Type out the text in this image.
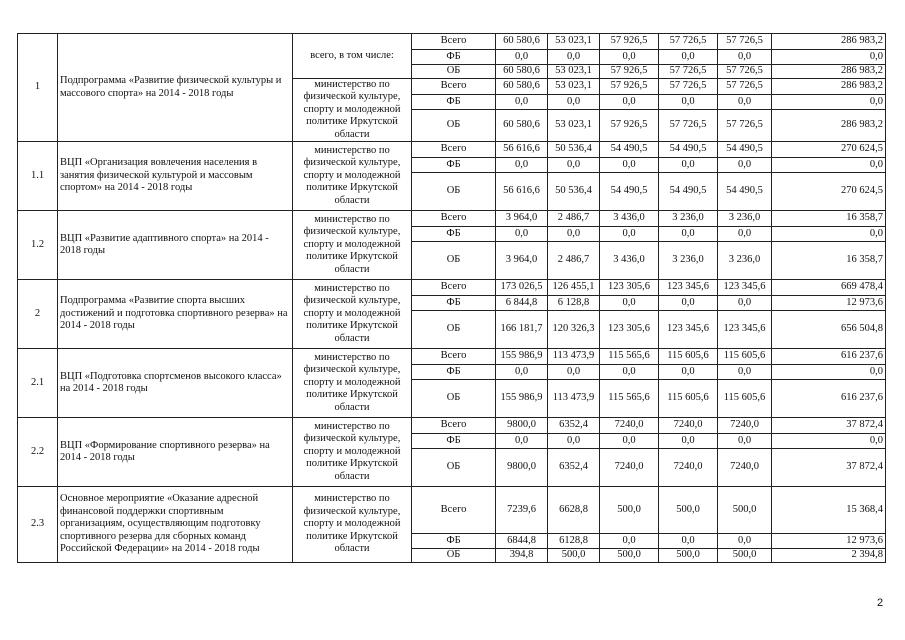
1	Подпрограмма «Развитие физической культуры и массового спорта» на 2014 - 2018 годы	всего, в том числе:	Всего	60 580,6	53 023,1	57 926,5	57 726,5	57 726,5	286 983,2
			ФБ	0,0	0,0	0,0	0,0	0,0	0,0
			ОБ	60 580,6	53 023,1	57 926,5	57 726,5	57 726,5	286 983,2
		министерство по физической культуре, спорту и молодежной политике Иркутской области	Всего	60 580,6	53 023,1	57 926,5	57 726,5	57 726,5	286 983,2
			ФБ	0,0	0,0	0,0	0,0	0,0	0,0
			ОБ	60 580,6	53 023,1	57 926,5	57 726,5	57 726,5	286 983,2
1.1	ВЦП «Организация вовлечения населения в занятия физической культурой и массовым спортом» на 2014 - 2018 годы	министерство по физической культуре, спорту и молодежной политике Иркутской области	Всего	56 616,6	50 536,4	54 490,5	54 490,5	54 490,5	270 624,5
			ФБ	0,0	0,0	0,0	0,0	0,0	0,0
			ОБ	56 616,6	50 536,4	54 490,5	54 490,5	54 490,5	270 624,5
1.2	ВЦП «Развитие адаптивного спорта» на 2014 - 2018 годы	министерство по физической культуре, спорту и молодежной политике Иркутской области	Всего	3 964,0	2 486,7	3 436,0	3 236,0	3 236,0	16 358,7
			ФБ	0,0	0,0	0,0	0,0	0,0	0,0
			ОБ	3 964,0	2 486,7	3 436,0	3 236,0	3 236,0	16 358,7
2	Подпрограмма «Развитие спорта высших достижений и подготовка спортивного резерва» на 2014 - 2018 годы	министерство по физической культуре, спорту и молодежной политике Иркутской области	Всего	173 026,5	126 455,1	123 305,6	123 345,6	123 345,6	669 478,4
			ФБ	6 844,8	6 128,8	0,0	0,0	0,0	12 973,6
			ОБ	166 181,7	120 326,3	123 305,6	123 345,6	123 345,6	656 504,8
2.1	ВЦП «Подготовка спортсменов высокого класса» на 2014 - 2018 годы	министерство по физической культуре, спорту и молодежной политике Иркутской области	Всего	155 986,9	113 473,9	115 565,6	115 605,6	115 605,6	616 237,6
			ФБ	0,0	0,0	0,0	0,0	0,0	0,0
			ОБ	155 986,9	113 473,9	115 565,6	115 605,6	115 605,6	616 237,6
2.2	ВЦП «Формирование спортивного резерва» на 2014 - 2018 годы	министерство по физической культуре, спорту и молодежной политике Иркутской области	Всего	9800,0	6352,4	7240,0	7240,0	7240,0	37 872,4
			ФБ	0,0	0,0	0,0	0,0	0,0	0,0
			ОБ	9800,0	6352,4	7240,0	7240,0	7240,0	37 872,4
2.3	Основное мероприятие «Оказание адресной финансовой поддержки спортивным организациям, осуществляющим подготовку спортивного резерва для сборных команд Российской Федерации» на 2014 - 2018 годы	министерство по физической культуре, спорту и молодежной политике Иркутской области	Всего	7239,6	6628,8	500,0	500,0	500,0	15 368,4
			ФБ	6844,8	6128,8	0,0	0,0	0,0	12 973,6
			ОБ	394,8	500,0	500,0	500,0	500,0	2 394,8
2
